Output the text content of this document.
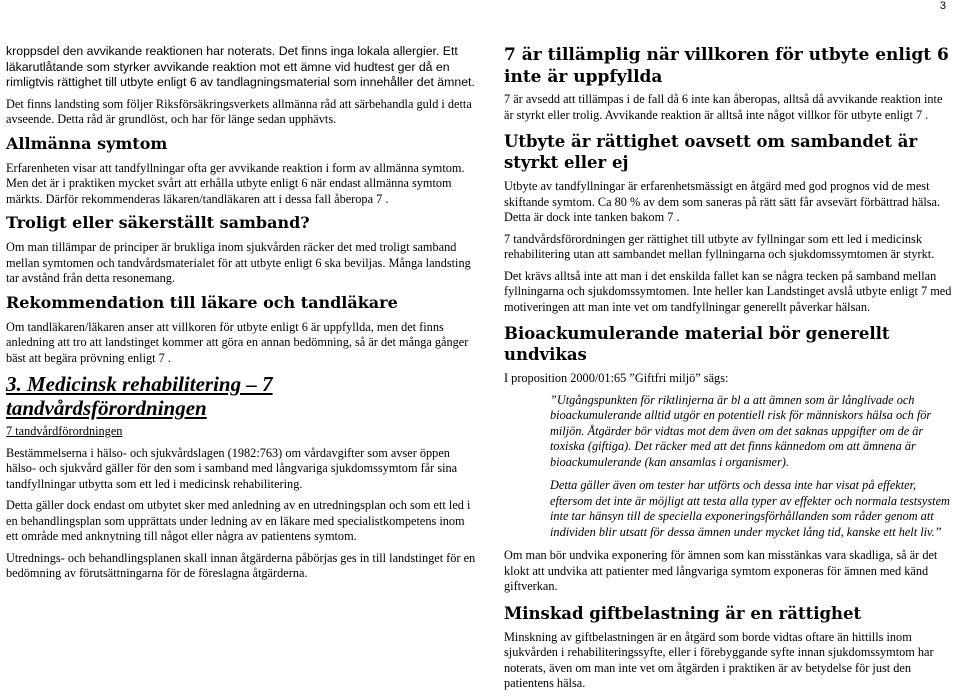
3

kroppsdel den avvikande reaktionen har noterats. Det finns inga lokala allergier. Ett läkarutlåtande som styrker avvikande reaktion mot ett ämne vid hudtest ger då en rimligtvis rättighet till utbyte enligt 6 av tandlagningsmaterial som innehåller det ämnet.

Det finns landsting som följer Riksförsäkringsverkets allmänna råd att särbehandla guld i detta avseende. Detta råd är grundlöst, och har för länge sedan upphävts.

Allmänna symtom

Erfarenheten visar att tandfyllningar ofta ger avvikande reaktion i form av allmänna symtom. Men det är i praktiken mycket svårt att erhålla utbyte enligt 6 när endast allmänna symtom märkts. Därför rekommenderas läkaren/tandläkaren att i dessa fall åberopa 7 .

Troligt eller säkerställt samband?

Om man tillämpar de principer är brukliga inom sjukvården räcker det med troligt samband mellan symtomen och tandvårdsmaterialet för att utbyte enligt 6 ska beviljas. Många landsting tar avstånd från detta resonemang.

Rekommendation till läkare och tandläkare

Om tandläkaren/läkaren anser att villkoren för utbyte enligt 6 är uppfyllda, men det finns anledning att tro att landstinget kommer att göra en annan bedömning, så är det många gånger bäst att begära prövning enligt 7 .

3. Medicinsk rehabilitering – 7
tandvårdsförordningen

7 tandvårdförordningen

Bestämmelserna i hälso- och sjukvårdslagen (1982:763) om vårdavgifter som avser öppen hälso- och sjukvård gäller för den som i samband med långvariga sjukdomssymtom får sina tandfyllningar utbytta som ett led i medicinsk rehabilitering.

Detta gäller dock endast om utbytet sker med anledning av en utredningsplan och som ett led i en behandlingsplan som upprättats under ledning av en läkare med specialistkompetens inom ett område med anknytning till något eller några av patientens symtom.

Utrednings- och behandlingsplanen skall innan åtgärderna påbörjas ges in till landstinget för en bedömning av förutsättningarna för de föreslagna åtgärderna.

7 är tillämplig när villkoren för utbyte enligt 6 inte är uppfyllda

7 är avsedd att tillämpas i de fall då 6 inte kan åberopas, alltså då avvikande reaktion inte är styrkt eller trolig. Avvikande reaktion är alltså inte något villkor för utbyte enligt 7 .

Utbyte är rättighet oavsett om sambandet är styrkt eller ej

Utbyte av tandfyllningar är erfarenhetsmässigt en åtgärd med god prognos vid de mest skiftande symtom. Ca 80 % av dem som saneras på rätt sätt får avsevärt förbättrad hälsa. Detta är dock inte tanken bakom 7 .

7 tandvårdsförordningen ger rättighet till utbyte av fyllningar som ett led i medicinsk rehabilitering utan att sambandet mellan fyllningarna och sjukdomssymtomen är styrkt.

Det krävs alltså inte att man i det enskilda fallet kan se några tecken på samband mellan fyllningarna och sjukdomssymtomen. Inte heller kan Landstinget avslå utbyte enligt 7 med motiveringen att man inte vet om tandfyllningar generellt påverkar hälsan.

Bioackumulerande material bör generellt undvikas

I proposition 2000/01:65 ”Giftfri miljö” sägs:

”Utgångspunkten för riktlinjerna är bl a att ämnen som är långlivade och bioackumulerande alltid utgör en potentiell risk för människors hälsa och för miljön. Åtgärder bör vidtas mot dem även om det saknas uppgifter om de är toxiska (giftiga). Det räcker med att det finns kännedom om att ämnena är bioackumulerande (kan ansamlas i organismer).
Detta gäller även om tester har utförts och dessa inte har visat på effekter, eftersom det inte är möjligt att testa alla typer av effekter och normala testsystem inte tar hänsyn till de speciella exponeringsförhållanden som råder genom att individen blir utsatt för dessa ämnen under mycket lång tid, kanske ett helt liv.”

Om man bör undvika exponering för ämnen som kan misstänkas vara skadliga, så är det klokt att undvika att patienter med långvariga symtom exponeras för ämnen med känd giftverkan.

Minskad giftbelastning är en rättighet

Minskning av giftbelastningen är en åtgärd som borde vidtas oftare än hittills inom sjukvården i rehabiliteringssyfte, eller i förebyggande syfte innan sjukdomssymtom har noterats, även om man inte vet om åtgärden i praktiken är av betydelse för just den patientens hälsa.
